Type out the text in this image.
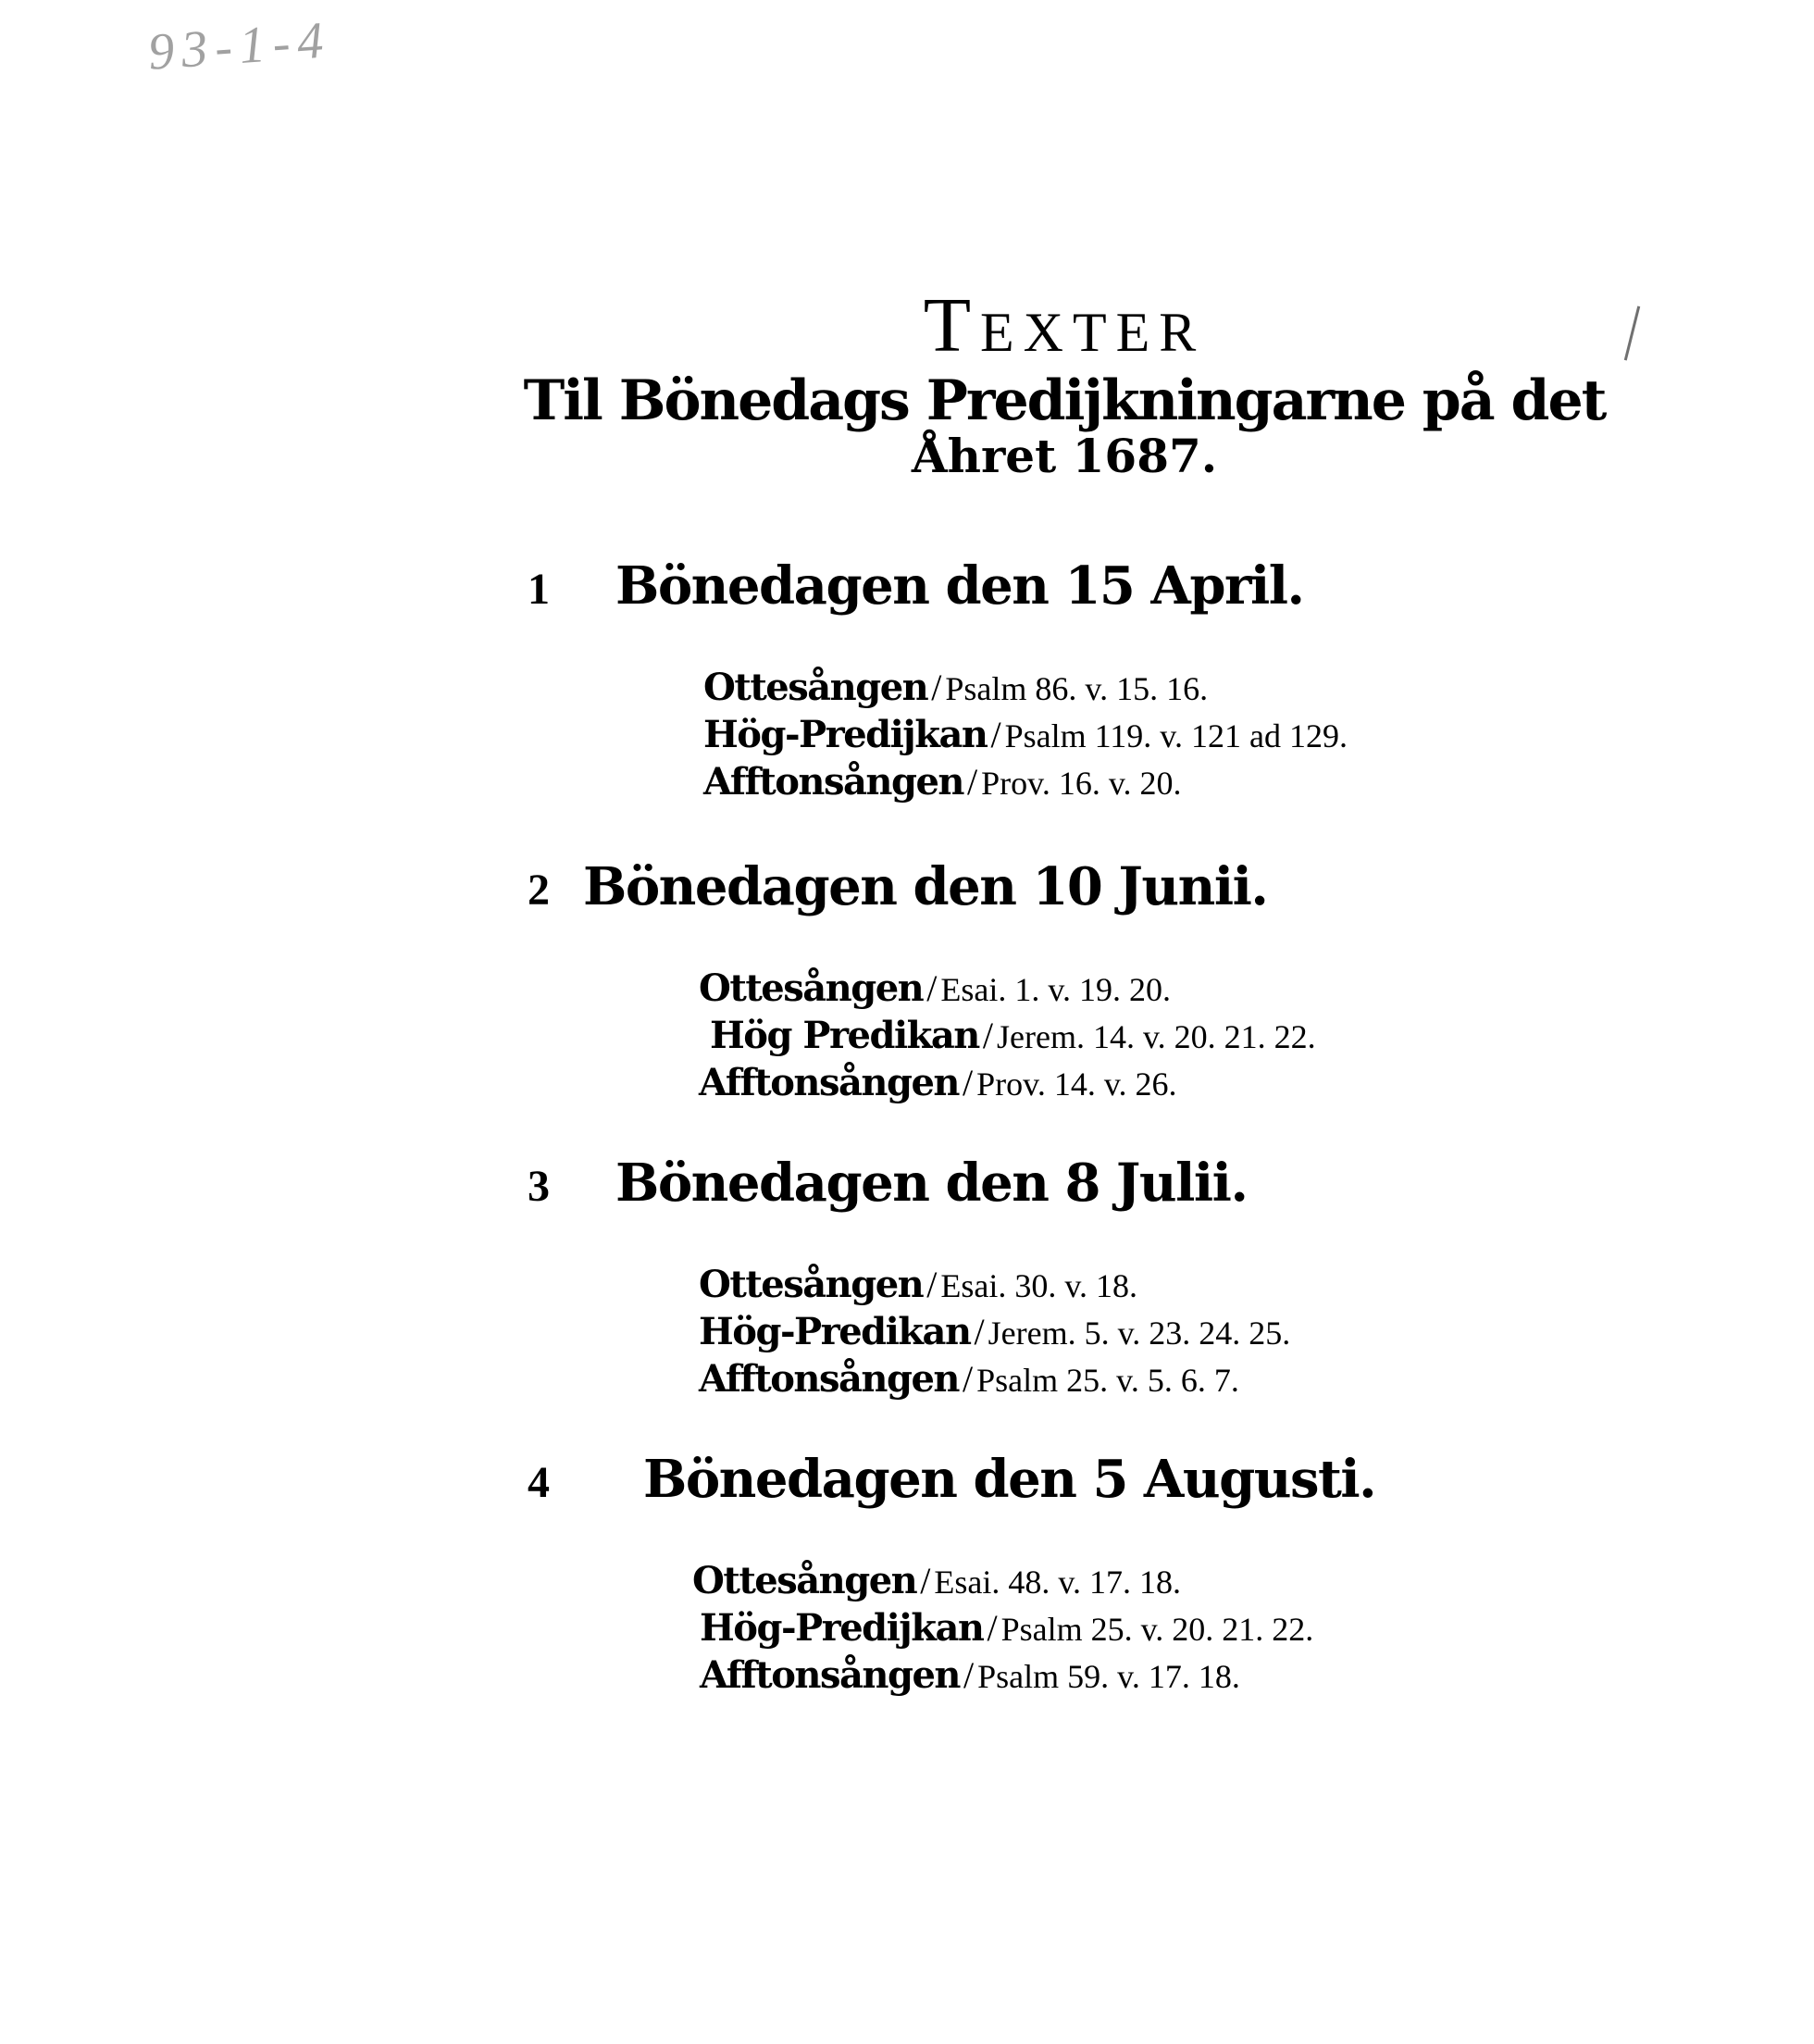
93-1-4
TEXTER

Til Bönedags Predijkningarne på det

Åhret 1687.

1	Bönedagen den 15 April.
Ottesången / Psalm 86. v. 15. 16.
Hög-Predijkan / Psalm 119. v. 121 ad 129.
Afftonsången / Prov. 16. v. 20.
2 Bönedagen den 10 Junii.
Ottesången / Esai. 1. v. 19. 20.
Hög Predikan / Jerem. 14. v. 20. 21. 22.
Afftonsången / Prov. 14. v. 26.
3	Bönedagen den 8 Julii.
Ottesången / Esai. 30. v. 18.
Hög-Predikan / Jerem. 5. v. 23. 24. 25.
Afftonsången / Psalm 25. v. 5. 6. 7.
4	Bönedagen den 5 Augusti.
Ottesången / Esai. 48. v. 17. 18.
Hög-Predijkan / Psalm 25. v. 20. 21. 22.
Afftonsången / Psalm 59. v. 17. 18.
